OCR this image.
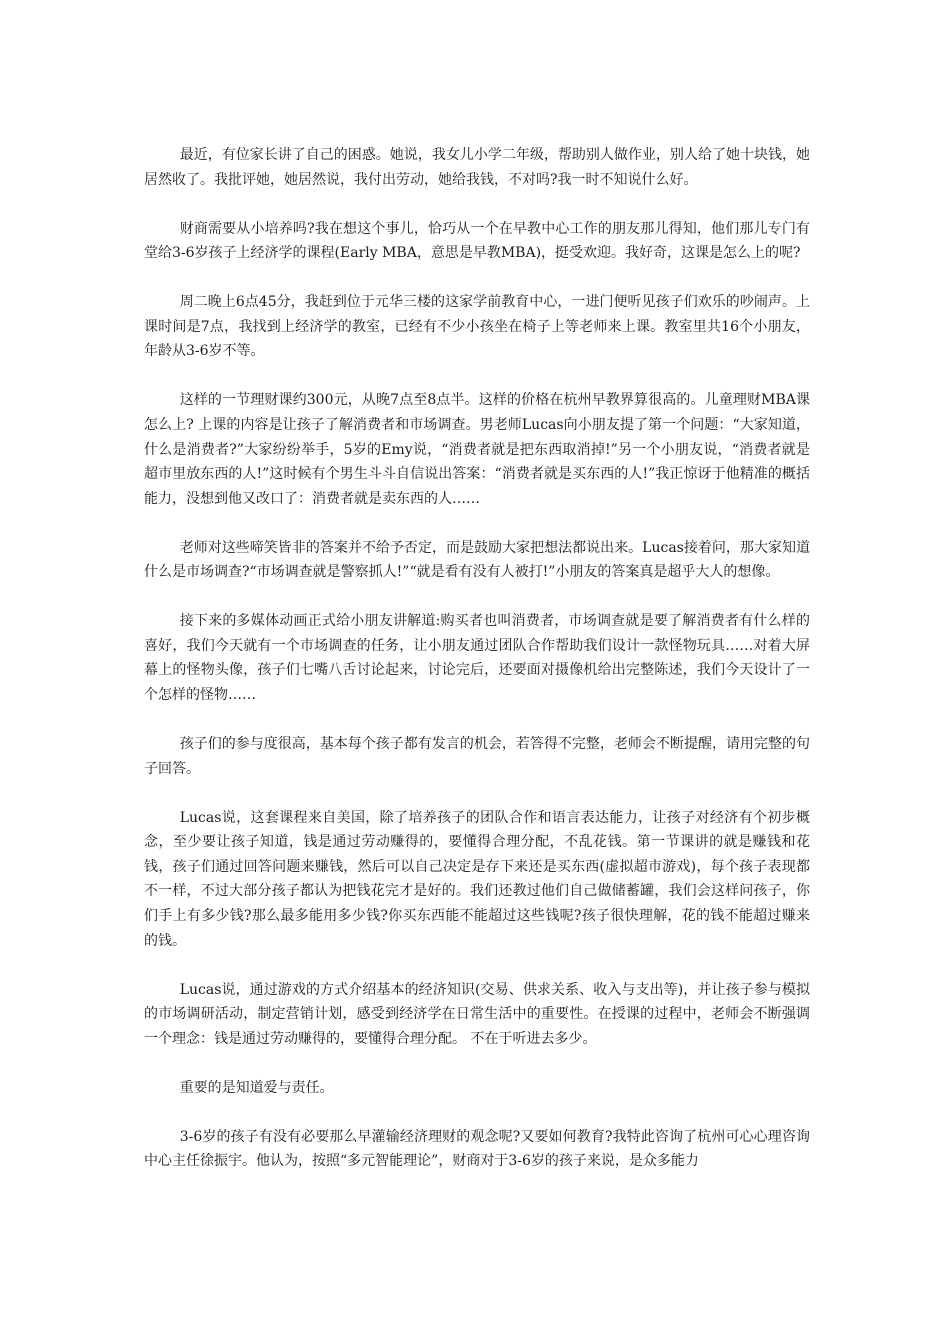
最近，有位家长讲了自己的困惑。她说，我女儿小学二年级，帮助别人做作业，别人给了她十块钱，她居然收了。我批评她，她居然说，我付出劳动，她给我钱，不对吗?我一时不知说什么好。

财商需要从小培养吗?我在想这个事儿，恰巧从一个在早教中心工作的朋友那儿得知，他们那儿专门有堂给3-6岁孩子上经济学的课程(Early MBA，意思是早教MBA)，挺受欢迎。我好奇，这课是怎么上的呢?

周二晚上6点45分，我赶到位于元华三楼的这家学前教育中心，一进门便听见孩子们欢乐的吵闹声。上课时间是7点，我找到上经济学的教室，已经有不少小孩坐在椅子上等老师来上课。教室里共16个小朋友，年龄从3-6岁不等。

这样的一节理财课约300元，从晚7点至8点半。这样的价格在杭州早教界算很高的。儿童理财MBA课怎么上? 上课的内容是让孩子了解消费者和市场调查。男老师Lucas向小朋友提了第一个问题：“大家知道，什么是消费者?”大家纷纷举手，5岁的Emy说，“消费者就是把东西取消掉!”另一个小朋友说，“消费者就是超市里放东西的人!”这时候有个男生斗斗自信说出答案：“消费者就是买东西的人!”我正惊讶于他精准的概括能力，没想到他又改口了：消费者就是卖东西的人……

老师对这些啼笑皆非的答案并不给予否定，而是鼓励大家把想法都说出来。Lucas接着问，那大家知道什么是市场调查?“市场调查就是警察抓人!”“就是看有没有人被打!”小朋友的答案真是超乎大人的想像。

接下来的多媒体动画正式给小朋友讲解道:购买者也叫消费者，市场调查就是要了解消费者有什么样的喜好，我们今天就有一个市场调查的任务，让小朋友通过团队合作帮助我们设计一款怪物玩具……对着大屏幕上的怪物头像，孩子们七嘴八舌讨论起来，讨论完后，还要面对摄像机给出完整陈述，我们今天设计了一个怎样的怪物……

孩子们的参与度很高，基本每个孩子都有发言的机会，若答得不完整，老师会不断提醒，请用完整的句子回答。

Lucas说，这套课程来自美国，除了培养孩子的团队合作和语言表达能力，让孩子对经济有个初步概念，至少要让孩子知道，钱是通过劳动赚得的，要懂得合理分配，不乱花钱。第一节课讲的就是赚钱和花钱，孩子们通过回答问题来赚钱，然后可以自己决定是存下来还是买东西(虚拟超市游戏)，每个孩子表现都不一样，不过大部分孩子都认为把钱花完才是好的。我们还教过他们自己做储蓄罐，我们会这样问孩子，你们手上有多少钱?那么最多能用多少钱?你买东西能不能超过这些钱呢?孩子很快理解，花的钱不能超过赚来的钱。

Lucas说，通过游戏的方式介绍基本的经济知识(交易、供求关系、收入与支出等)，并让孩子参与模拟的市场调研活动，制定营销计划，感受到经济学在日常生活中的重要性。在授课的过程中，老师会不断强调一个理念：钱是通过劳动赚得的，要懂得合理分配。 不在于听进去多少。

重要的是知道爱与责任。

3-6岁的孩子有没有必要那么早灌输经济理财的观念呢?又要如何教育?我特此咨询了杭州可心心理咨询中心主任徐振宇。他认为，按照“多元智能理论”，财商对于3-6岁的孩子来说，是众多能力
